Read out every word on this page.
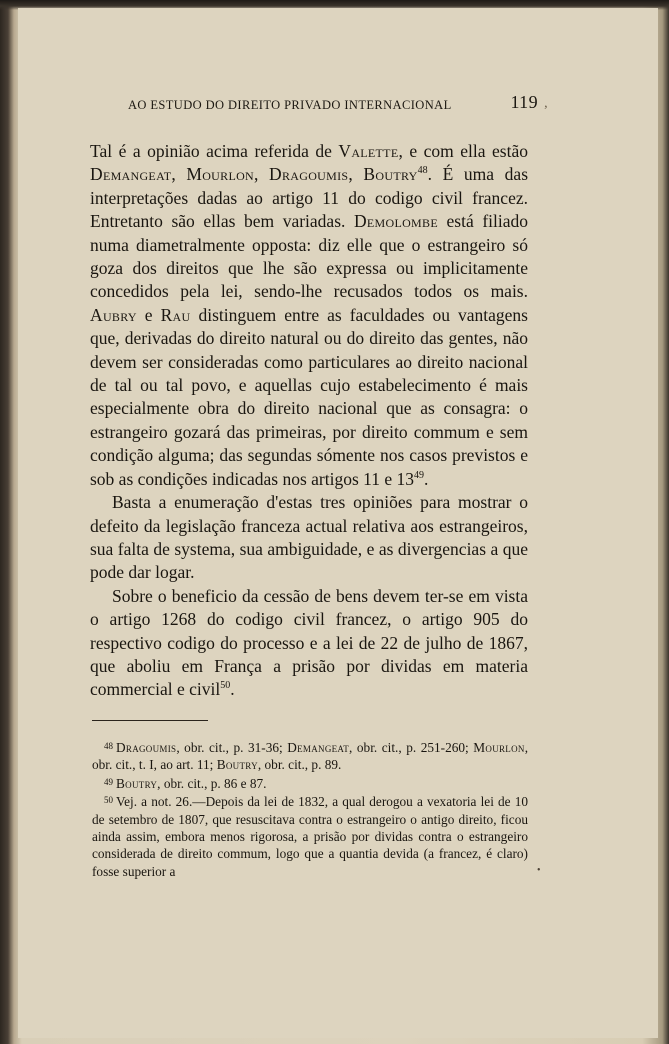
AO ESTUDO DO DIREITO PRIVADO INTERNACIONAL	119 ,

Tal é a opinião acima referida de Valette, e com ella estão Demangeat, Mourlon, Dragoumis, Boutry$^{48}$. É uma das interpretações dadas ao artigo 11 do codigo civil francez. Entretanto são ellas bem variadas. Demolombe está filiado numa diametralmente opposta: diz elle que o estrangeiro só goza dos direitos que lhe são expressa ou implicitamente concedidos pela lei, sendo-lhe recusados todos os mais. Aubry e Rau distinguem entre as faculdades ou vantagens que, derivadas do direito natural ou do direito das gentes, não devem ser consideradas como particulares ao direito nacional de tal ou tal povo, e aquellas cujo estabelecimento é mais especialmente obra do direito nacional que as consagra: o estrangeiro gozará das primeiras, por direito commum e sem condição alguma; das segundas sómente nos casos previstos e sob as condições indicadas nos artigos 11 e $13^{49}$.

Basta a enumeração d'estas tres opiniões para mostrar o defeito da legislação franceza actual relativa aos estrangeiros, sua falta de systema, sua ambiguidade, e as divergencias a que pode dar logar.

Sobre o beneficio da cessão de bens devem ter-se em vista o artigo 1268 do codigo civil francez, o artigo 905 do respectivo codigo do processo e a lei de 22 de julho de 1867, que aboliu em França a prisão por dividas em materia commercial e civil$^{50}$.

$^{48}$ Dragoumis, obr. cit., p. 31-36; Demangeat, obr. cit., p. 251-260; Mourlon, obr. cit., t. I, ao art. 11; Boutry, obr. cit., p. 89.

$^{49}$ Boutry, obr. cit., p. 86 e 87.

$^{50}$ Vej. a not. 26.—Depois da lei de 1832, a qual derogou a vexatoria lei de 10 de setembro de 1807, que resuscitava contra o estrangeiro o antigo direito, ficou ainda assim, embora menos rigorosa, a prisão por dividas contra o estrangeiro considerada de direito commum, logo que a quantia devida (a francez, é claro) fosse superior a	•
